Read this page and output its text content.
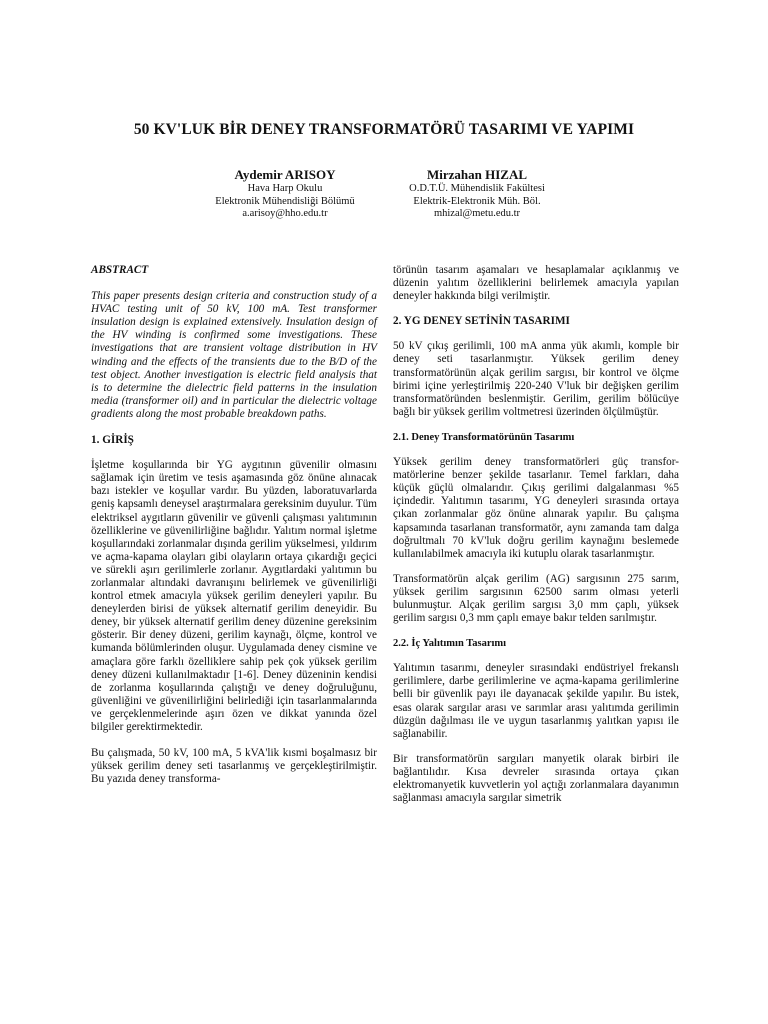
50 KV'LUK BİR DENEY TRANSFORMATÖRÜ TASARIMI VE YAPIMI
Aydemir ARISOY
Hava Harp Okulu
Elektronik Mühendisliği Bölümü
a.arisoy@hho.edu.tr
Mirzahan HIZAL
O.D.T.Ü. Mühendislik Fakültesi
Elektrik-Elektronik Müh. Böl.
mhizal@metu.edu.tr
ABSTRACT

This paper presents design criteria and construction study of a HVAC testing unit of 50 kV, 100 mA. Test transformer insulation design is explained extensively. Insulation design of the HV winding is confirmed some investigations. These investigations that are transient voltage distribution in HV winding and the effects of the transients due to the B/D of the test object. Another investigation is electric field analysis that is to determine the dielectric field patterns in the insulation media (transformer oil) and in particular the dielectric voltage gradients along the most probable breakdown paths.

1. GİRİŞ

İşletme koşullarında bir YG aygıtının güvenilir olmasını sağlamak için üretim ve tesis aşamasında göz önüne alınacak bazı istekler ve koşullar vardır. Bu yüzden, laboratuvarlarda geniş kapsamlı deneysel araştırmalara gereksinim duyulur. Tüm elektriksel aygıtların güvenilir ve güvenli çalışması yalıtımının özelliklerine ve güvenilirliğine bağlıdır. Yalıtım normal işletme koşullarındaki zorlanmalar dışında gerilim yükselmesi, yıldırım ve açma-kapama olayları gibi olayların ortaya çıkardığı geçici ve sürekli aşırı gerilimlerle zorlanır. Aygıtlardaki yalıtımın bu zorlanmalar altındaki davranışını belirlemek ve güvenilirliği kontrol etmek amacıyla yüksek gerilim deneyleri yapılır. Bu deneylerden birisi de yüksek alternatif gerilim deneyidir. Bu deney, bir yüksek alternatif gerilim deney düzenine gereksinim gösterir. Bir deney düzeni, gerilim kaynağı, ölçme, kontrol ve kumanda bölümlerinden oluşur. Uygulamada deney cismine ve amaçlara göre farklı özelliklere sahip pek çok yüksek gerilim deney düzeni kullanılmaktadır [1-6]. Deney düzeninin kendisi de zorlanma koşullarında çalıştığı ve deney doğruluğunu, güvenliğini ve güvenilirliğini belirlediği için tasarlanmalarında ve gerçeklenmelerinde aşırı özen ve dikkat yanında özel bilgiler gerektirmektedir.

Bu çalışmada, 50 kV, 100 mA, 5 kVA'lik kısmi boşalmasız bir yüksek gerilim deney seti tasarlanmış ve gerçekleştirilmiştir. Bu yazıda deney transforma-

törünün tasarım aşamaları ve hesaplamalar açıklanmış ve düzenin yalıtım özelliklerini belirlemek amacıyla yapılan deneyler hakkında bilgi verilmiştir.

2. YG DENEY SETİNİN TASARIMI

50 kV çıkış gerilimli, 100 mA anma yük akımlı, komple bir deney seti tasarlanmıştır. Yüksek gerilim deney transformatörünün alçak gerilim sargısı, bir kontrol ve ölçme birimi içine yerleştirilmiş 220-240 V'luk bir değişken gerilim transformatöründen beslenmiştir. Gerilim, gerilim bölücüye bağlı bir yüksek gerilim voltmetresi üzerinden ölçülmüştür.

2.1. Deney Transformatörünün Tasarımı

Yüksek gerilim deney transformatörleri güç transfor-matörlerine benzer şekilde tasarlanır. Temel farkları, daha küçük güçlü olmalarıdır. Çıkış gerilimi dalgalanması %5 içindedir. Yalıtımın tasarımı, YG deneyleri sırasında ortaya çıkan zorlanmalar göz önüne alınarak yapılır. Bu çalışma kapsamında tasarlanan transformatör, aynı zamanda tam dalga doğrultmalı 70 kV'luk doğru gerilim kaynağını beslemede kullanılabilmek amacıyla iki kutuplu olarak tasarlanmıştır.

Transformatörün alçak gerilim (AG) sargısının 275 sarım, yüksek gerilim sargısının 62500 sarım olması yeterli bulunmuştur. Alçak gerilim sargısı 3,0 mm çaplı, yüksek gerilim sargısı 0,3 mm çaplı emaye bakır telden sarılmıştır.

2.2. İç Yalıtımın Tasarımı

Yalıtımın tasarımı, deneyler sırasındaki endüstriyel frekanslı gerilimlere, darbe gerilimlerine ve açma-kapama gerilimlerine belli bir güvenlik payı ile dayanacak şekilde yapılır. Bu istek, esas olarak sargılar arası ve sarımlar arası yalıtımda gerilimin düzgün dağılması ile ve uygun tasarlanmış yalıtkan yapısı ile sağlanabilir.

Bir transformatörün sargıları manyetik olarak birbiri ile bağlantılıdır. Kısa devreler sırasında ortaya çıkan elektromanyetik kuvvetlerin yol açtığı zorlanmalara dayanımın sağlanması amacıyla sargılar simetrik
